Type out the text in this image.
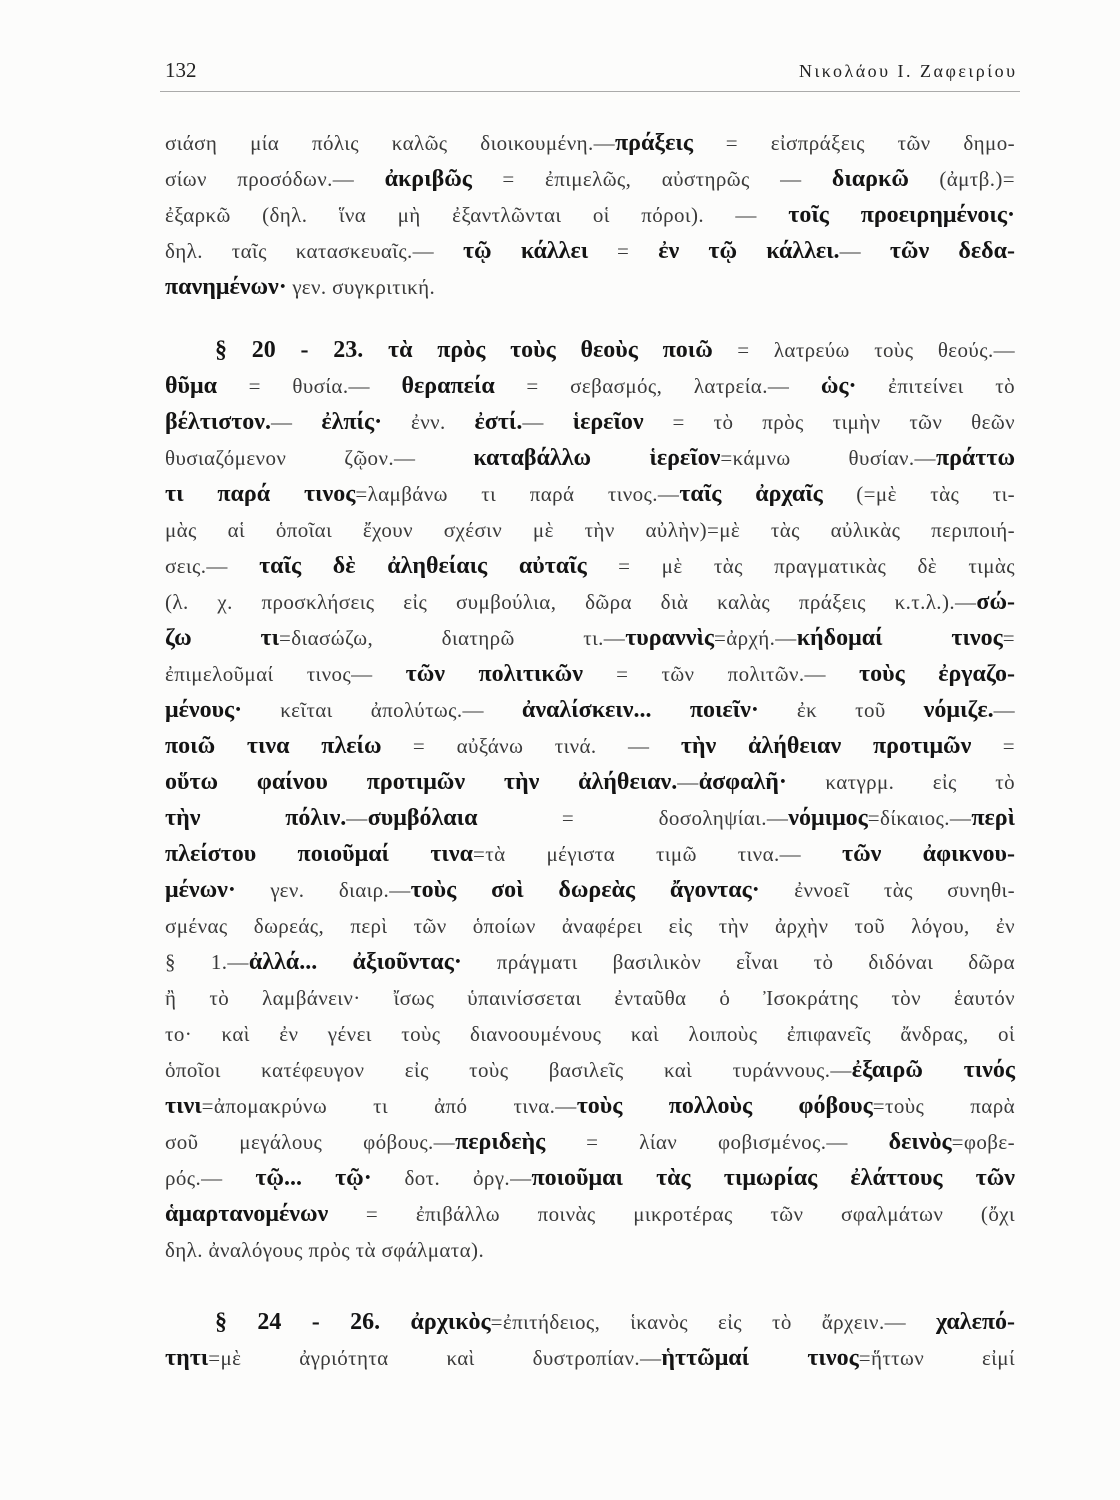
132	Νικολάου Ι. Ζαφειρίου
σιάση μία πόλις καλῶς διοικουμένη.—πράξεις = εἰσπράξεις τῶν δημο-
σίων προσόδων.— ἀκριβῶς = ἐπιμελῶς, αὐστηρῶς — διαρκῶ (ἀμτβ.)=
ἐξαρκῶ (δηλ. ἵνα μὴ ἐξαντλῶνται οἱ πόροι). — τοῖς προειρημένοις·
δηλ. ταῖς κατασκευαῖς.— τῷ κάλλει = ἐν τῷ κάλλει.— τῶν δεδα-
πανημένων· γεν. συγκριτική.
§ 20 - 23. τὰ πρὸς τοὺς θεοὺς ποιῶ = λατρεύω τοὺς θεούς.—
θῦμα = θυσία.— θεραπεία = σεβασμός, λατρεία.— ὡς· ἐπιτείνει τὸ
βέλτιστον.— ἐλπίς· ἐνν. ἐστί.— ἱερεῖον = τὸ πρὸς τιμὴν τῶν θεῶν
θυσιαζόμενον ζῷον.— καταβάλλω ἱερεῖον=κάμνω θυσίαν.—πράττω
τι παρά τινος=λαμβάνω τι παρά τινος.—ταῖς ἀρχαῖς (=μὲ τὰς τι-
μὰς αἱ ὁποῖαι ἔχουν σχέσιν μὲ τὴν αὐλὴν)=μὲ τὰς αὐλικὰς περιποιή-
σεις.— ταῖς δὲ ἀληθείαις αὐταῖς = μὲ τὰς πραγματικὰς δὲ τιμὰς
(λ. χ. προσκλήσεις εἰς συμβούλια, δῶρα διὰ καλὰς πράξεις κ.τ.λ.).—σώ-
ζω τι=διασώζω, διατηρῶ τι.—τυραννὶς=ἀρχή.—κήδομαί τινος=
ἐπιμελοῦμαί τινος— τῶν πολιτικῶν = τῶν πολιτῶν.— τοὺς ἐργαζο-
μένους· κεῖται ἀπολύτως.— ἀναλίσκειν... ποιεῖν· ἐκ τοῦ νόμιζε.—
ποιῶ τινα πλείω = αὐξάνω τινά. — τὴν ἀλήθειαν προτιμῶν =
οὕτω φαίνου προτιμῶν τὴν ἀλήθειαν.—ἀσφαλῆ· κατγρμ. εἰς τὸ
τὴν πόλιν.—συμβόλαια = δοσοληψίαι.—νόμιμος=δίκαιος.—περὶ
πλείστου ποιοῦμαί τινα=τὰ μέγιστα τιμῶ τινα.— τῶν ἀφικνου-
μένων· γεν. διαιρ.—τοὺς σοὶ δωρεὰς ἄγοντας· ἐννοεῖ τὰς συνηθι-
σμένας δωρεάς, περὶ τῶν ὁποίων ἀναφέρει εἰς τὴν ἀρχὴν τοῦ λόγου, ἐν
§ 1.—ἀλλά... ἀξιοῦντας· πράγματι βασιλικὸν εἶναι τὸ διδόναι δῶρα
ἢ τὸ λαμβάνειν· ἴσως ὑπαινίσσεται ἐνταῦθα ὁ Ἰσοκράτης τὸν ἑαυτόν
το· καὶ ἐν γένει τοὺς διανοουμένους καὶ λοιποὺς ἐπιφανεῖς ἄνδρας, οἱ
ὁποῖοι κατέφευγον εἰς τοὺς βασιλεῖς καὶ τυράννους.—ἐξαιρῶ τινός
τινι=ἀπομακρύνω τι ἀπό τινα.—τοὺς πολλοὺς φόβους=τοὺς παρὰ
σοῦ μεγάλους φόβους.—περιδεὴς = λίαν φοβισμένος.— δεινὸς=φοβε-
ρός.— τῷ... τῷ· δοτ. ὀργ.—ποιοῦμαι τὰς τιμωρίας ἐλάττους τῶν
ἁμαρτανομένων = ἐπιβάλλω ποινὰς μικροτέρας τῶν σφαλμάτων (ὄχι
δηλ. ἀναλόγους πρὸς τὰ σφάλματα).
§ 24 - 26. ἀρχικὸς=ἐπιτήδειος, ἱκανὸς εἰς τὸ ἄρχειν.— χαλεπό-
τητι=μὲ ἀγριότητα καὶ δυστροπίαν.—ἡττῶμαί τινος=ἥττων εἰμί
